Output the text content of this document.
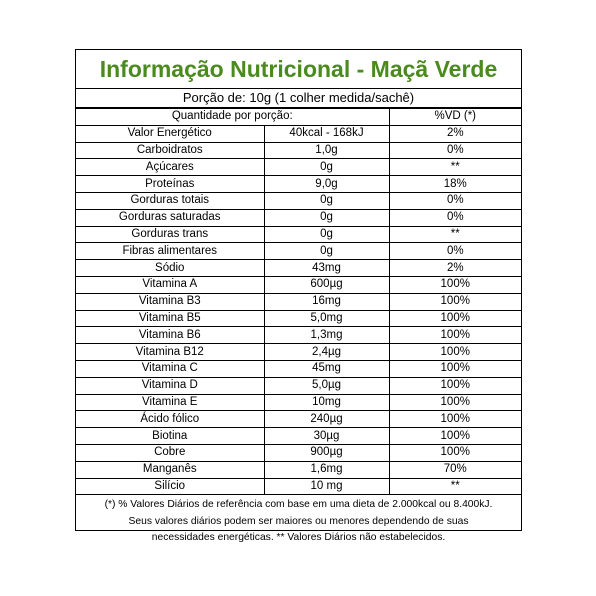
Informação Nutricional - Maçã Verde
Porção de: 10g (1 colher medida/sachê)
Quantidade por porção:		%VD (*)
Valor Energético	40kcal - 168kJ	2%
Carboidratos	1,0g	0%
Açúcares	0g	**
Proteínas	9,0g	18%
Gorduras totais	0g	0%
Gorduras saturadas	0g	0%
Gorduras trans	0g	**
Fibras alimentares	0g	0%
Sódio	43mg	2%
Vitamina A	600µg	100%
Vitamina B3	16mg	100%
Vitamina B5	5,0mg	100%
Vitamina B6	1,3mg	100%
Vitamina B12	2,4µg	100%
Vitamina C	45mg	100%
Vitamina D	5,0µg	100%
Vitamina E	10mg	100%
Ácido fólico	240µg	100%
Biotina	30µg	100%
Cobre	900µg	100%
Manganês	1,6mg	70%
Silício	10 mg	**
(*) % Valores Diários de referência com base em uma dieta de 2.000kcal ou 8.400kJ.
Seus valores diários podem ser maiores ou menores dependendo de suas
necessidades energéticas. ** Valores Diários não estabelecidos.
